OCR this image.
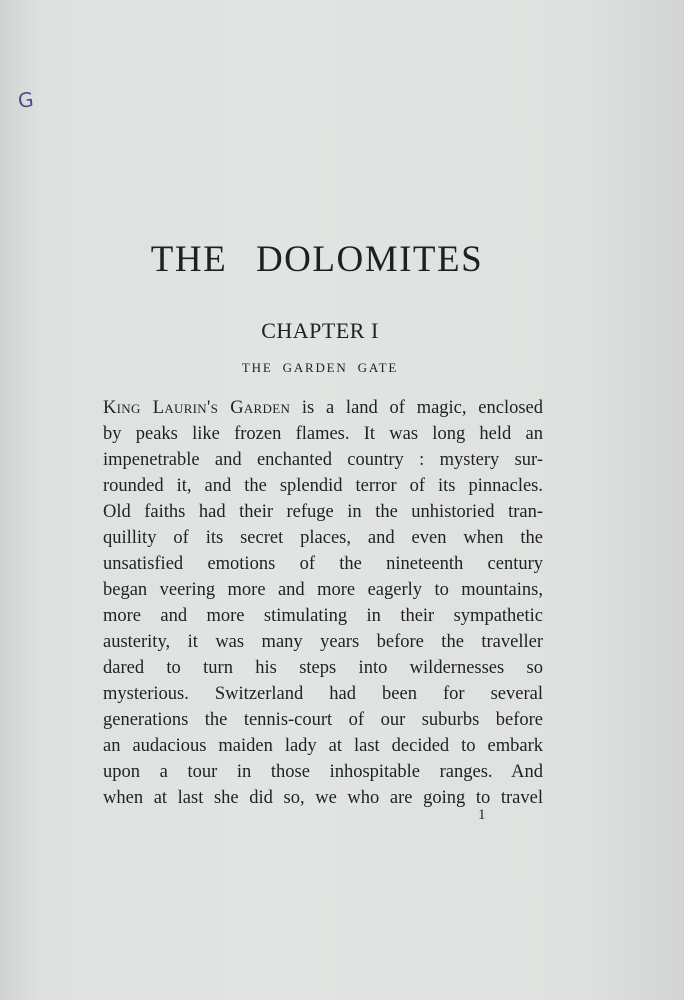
G
THE DOLOMITES
CHAPTER I
THE GARDEN GATE
King Laurin's Garden is a land of magic, enclosed
by peaks like frozen flames. It was long held an
impenetrable and enchanted country : mystery sur-
rounded it, and the splendid terror of its pinnacles.
Old faiths had their refuge in the unhistoried tran-
quillity of its secret places, and even when the
unsatisfied emotions of the nineteenth century
began veering more and more eagerly to mountains,
more and more stimulating in their sympathetic
austerity, it was many years before the traveller
dared to turn his steps into wildernesses so
mysterious. Switzerland had been for several
generations the tennis-court of our suburbs before
an audacious maiden lady at last decided to embark
upon a tour in those inhospitable ranges. And
when at last she did so, we who are going to travel
1
